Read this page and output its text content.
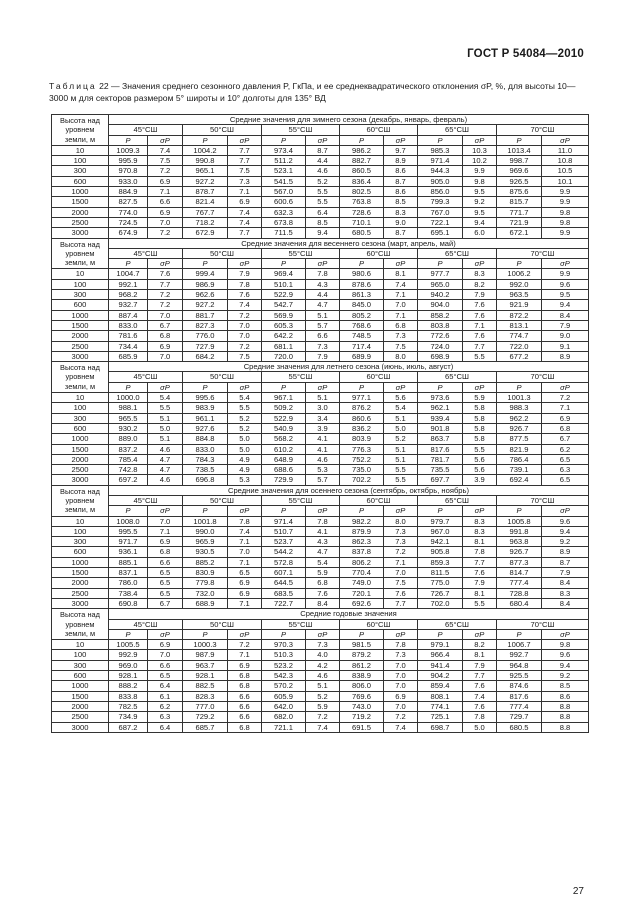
ГОСТ Р 54084—2010
Таблица 22 — Значения среднего сезонного давления P, ГкПа, и ее среднеквадратического отклонения σP, %, для высоты 10—3000 м для секторов размером 5° широты и 10° долготы для 135° ВД
Высота над уровнем земли, м	Средние значения для зимнего сезона (декабрь, январь, февраль)											
	45°СШ		50°СШ		55°СШ		60°СШ		65°СШ		70°СШ	
	P	σP	P	σP	P	σP	P	σP	P	σP	P	σP
10	1009.3	7.4	1004.2	7.7	973.4	8.7	986.2	9.7	985.3	10.3	1013.4	11.0
100	995.9	7.5	990.8	7.7	511.2	4.4	882.7	8.9	971.4	10.2	998.7	10.8
300	970.8	7.2	965.1	7.5	523.1	4.6	860.5	8.6	944.3	9.9	969.6	10.5
600	933.0	6.9	927.2	7.3	541.5	5.2	836.4	8.7	905.0	9.8	926.5	10.1
1000	884.9	7.1	878.7	7.1	567.0	5.5	802.5	8.6	856.0	9.5	875.6	9.9
1500	827.5	6.6	821.4	6.9	600.6	5.5	763.8	8.5	799.3	9.2	815.7	9.9
2000	774.0	6.9	767.7	7.4	632.3	6.4	728.6	8.3	767.0	9.5	771.7	9.8
2500	724.5	7.0	718.2	7.4	673.8	8.5	710.1	9.0	722.1	9.4	721.9	9.8
3000	674.9	7.2	672.9	7.7	711.5	9.4	680.5	8.7	695.1	6.0	672.1	9.9
Высота над уровнем земли, м	Средние значения для весеннего сезона (март, апрель, май)											
	45°СШ		50°СШ		55°СШ		60°СШ		65°СШ		70°СШ	
	P	σP	P	σP	P	σP	P	σP	P	σP	P	σP
10	1004.7	7.6	999.4	7.9	969.4	7.8	980.6	8.1	977.7	8.3	1006.2	9.9
100	992.1	7.7	986.9	7.8	510.1	4.3	878.6	7.4	965.0	8.2	992.0	9.6
300	968.2	7.2	962.6	7.6	522.9	4.4	861.3	7.1	940.2	7.9	963.5	9.5
600	932.7	7.2	927.2	7.4	542.7	4.7	845.0	7.0	904.0	7.6	921.9	9.4
1000	887.4	7.0	881.7	7.2	569.9	5.1	805.2	7.1	858.2	7.6	872.2	8.4
1500	833.0	6.7	827.3	7.0	605.3	5.7	768.6	6.8	803.8	7.1	813.1	7.9
2000	781.6	6.8	776.0	7.0	642.2	6.6	748.5	7.3	772.6	7.6	774.7	9.0
2500	734.4	6.9	727.9	7.2	681.1	7.3	717.4	7.5	724.0	7.7	722.0	9.1
3000	685.9	7.0	684.2	7.5	720.0	7.9	689.9	8.0	698.9	5.5	677.2	8.9
Высота над уровнем земли, м	Средние значения для летнего сезона (июнь, июль, август)											
	45°СШ		50°СШ		55°СШ		60°СШ		65°СШ		70°СШ	
	P	σP	P	σP	P	σP	P	σP	P	σP	P	σP
10	1000.0	5.4	995.6	5.4	967.1	5.1	977.1	5.6	973.6	5.9	1001.3	7.2
100	988.1	5.5	983.9	5.5	509.2	3.0	876.2	5.4	962.1	5.8	988.3	7.1
300	965.5	5.1	961.1	5.2	522.9	3.4	860.6	5.1	939.4	5.8	962.2	6.9
600	930.2	5.0	927.6	5.2	540.9	3.9	836.2	5.0	901.8	5.8	926.7	6.8
1000	889.0	5.1	884.8	5.0	568.2	4.1	803.9	5.2	863.7	5.8	877.5	6.7
1500	837.2	4.6	833.0	5.0	610.2	4.1	776.3	5.1	817.6	5.5	821.9	6.2
2000	785.4	4.7	784.3	4.9	648.9	4.6	752.2	5.1	781.7	5.6	786.4	6.5
2500	742.8	4.7	738.5	4.9	688.6	5.3	735.0	5.5	735.5	5.6	739.1	6.3
3000	697.2	4.6	696.8	5.3	729.9	5.7	702.2	5.5	697.7	3.9	692.4	6.5
Высота над уровнем земли, м	Средние значения для осеннего сезона (сентябрь, октябрь, ноябрь)											
	45°СШ		50°СШ		55°СШ		60°СШ		65°СШ		70°СШ	
	P	σP	P	σP	P	σP	P	σP	P	σP	P	σP
10	1008.0	7.0	1001.8	7.8	971.4	7.8	982.2	8.0	979.7	8.3	1005.8	9.6
100	995.5	7.1	990.0	7.4	510.7	4.1	879.9	7.3	967.0	8.3	991.8	9.4
300	971.7	6.9	965.9	7.1	523.7	4.3	862.3	7.3	942.1	8.1	963.8	9.2
600	936.1	6.8	930.5	7.0	544.2	4.7	837.8	7.2	905.8	7.8	926.7	8.9
1000	885.1	6.6	885.2	7.1	572.8	5.4	806.2	7.1	859.3	7.7	877.3	8.7
1500	837.1	6.5	830.9	6.5	607.1	5.9	770.4	7.0	811.5	7.6	814.7	7.9
2000	786.0	6.5	779.8	6.9	644.5	6.8	749.0	7.5	775.0	7.9	777.4	8.4
2500	738.4	6.5	732.0	6.9	683.5	7.6	720.1	7.6	726.7	8.1	728.8	8.3
3000	690.8	6.7	688.9	7.1	722.7	8.4	692.6	7.7	702.0	5.5	680.4	8.4
Высота над уровнем земли, м	Средние годовые значения											
	45°СШ		50°СШ		55°СШ		60°СШ		65°СШ		70°СШ	
	P	σP	P	σP	P	σP	P	σP	P	σP	P	σP
10	1005.5	6.9	1000.3	7.2	970.3	7.3	981.5	7.8	979.1	8.2	1006.7	9.8
100	992.9	7.0	987.9	7.1	510.3	4.0	879.2	7.3	966.4	8.1	992.7	9.6
300	969.0	6.6	963.7	6.9	523.2	4.2	861.2	7.0	941.4	7.9	964.8	9.4
600	928.1	6.5	928.1	6.8	542.3	4.6	838.9	7.0	904.2	7.7	925.5	9.2
1000	888.2	6.4	882.5	6.8	570.2	5.1	806.0	7.0	859.4	7.6	874.6	8.5
1500	833.8	6.1	828.3	6.6	605.9	5.2	769.6	6.9	808.1	7.4	817.6	8.6
2000	782.5	6.2	777.0	6.6	642.0	5.9	743.0	7.0	774.1	7.6	777.4	8.8
2500	734.9	6.3	729.2	6.6	682.0	7.2	719.2	7.2	725.1	7.8	729.7	8.8
3000	687.2	6.4	685.7	6.8	721.1	7.4	691.5	7.4	698.7	5.0	680.5	8.8
27
